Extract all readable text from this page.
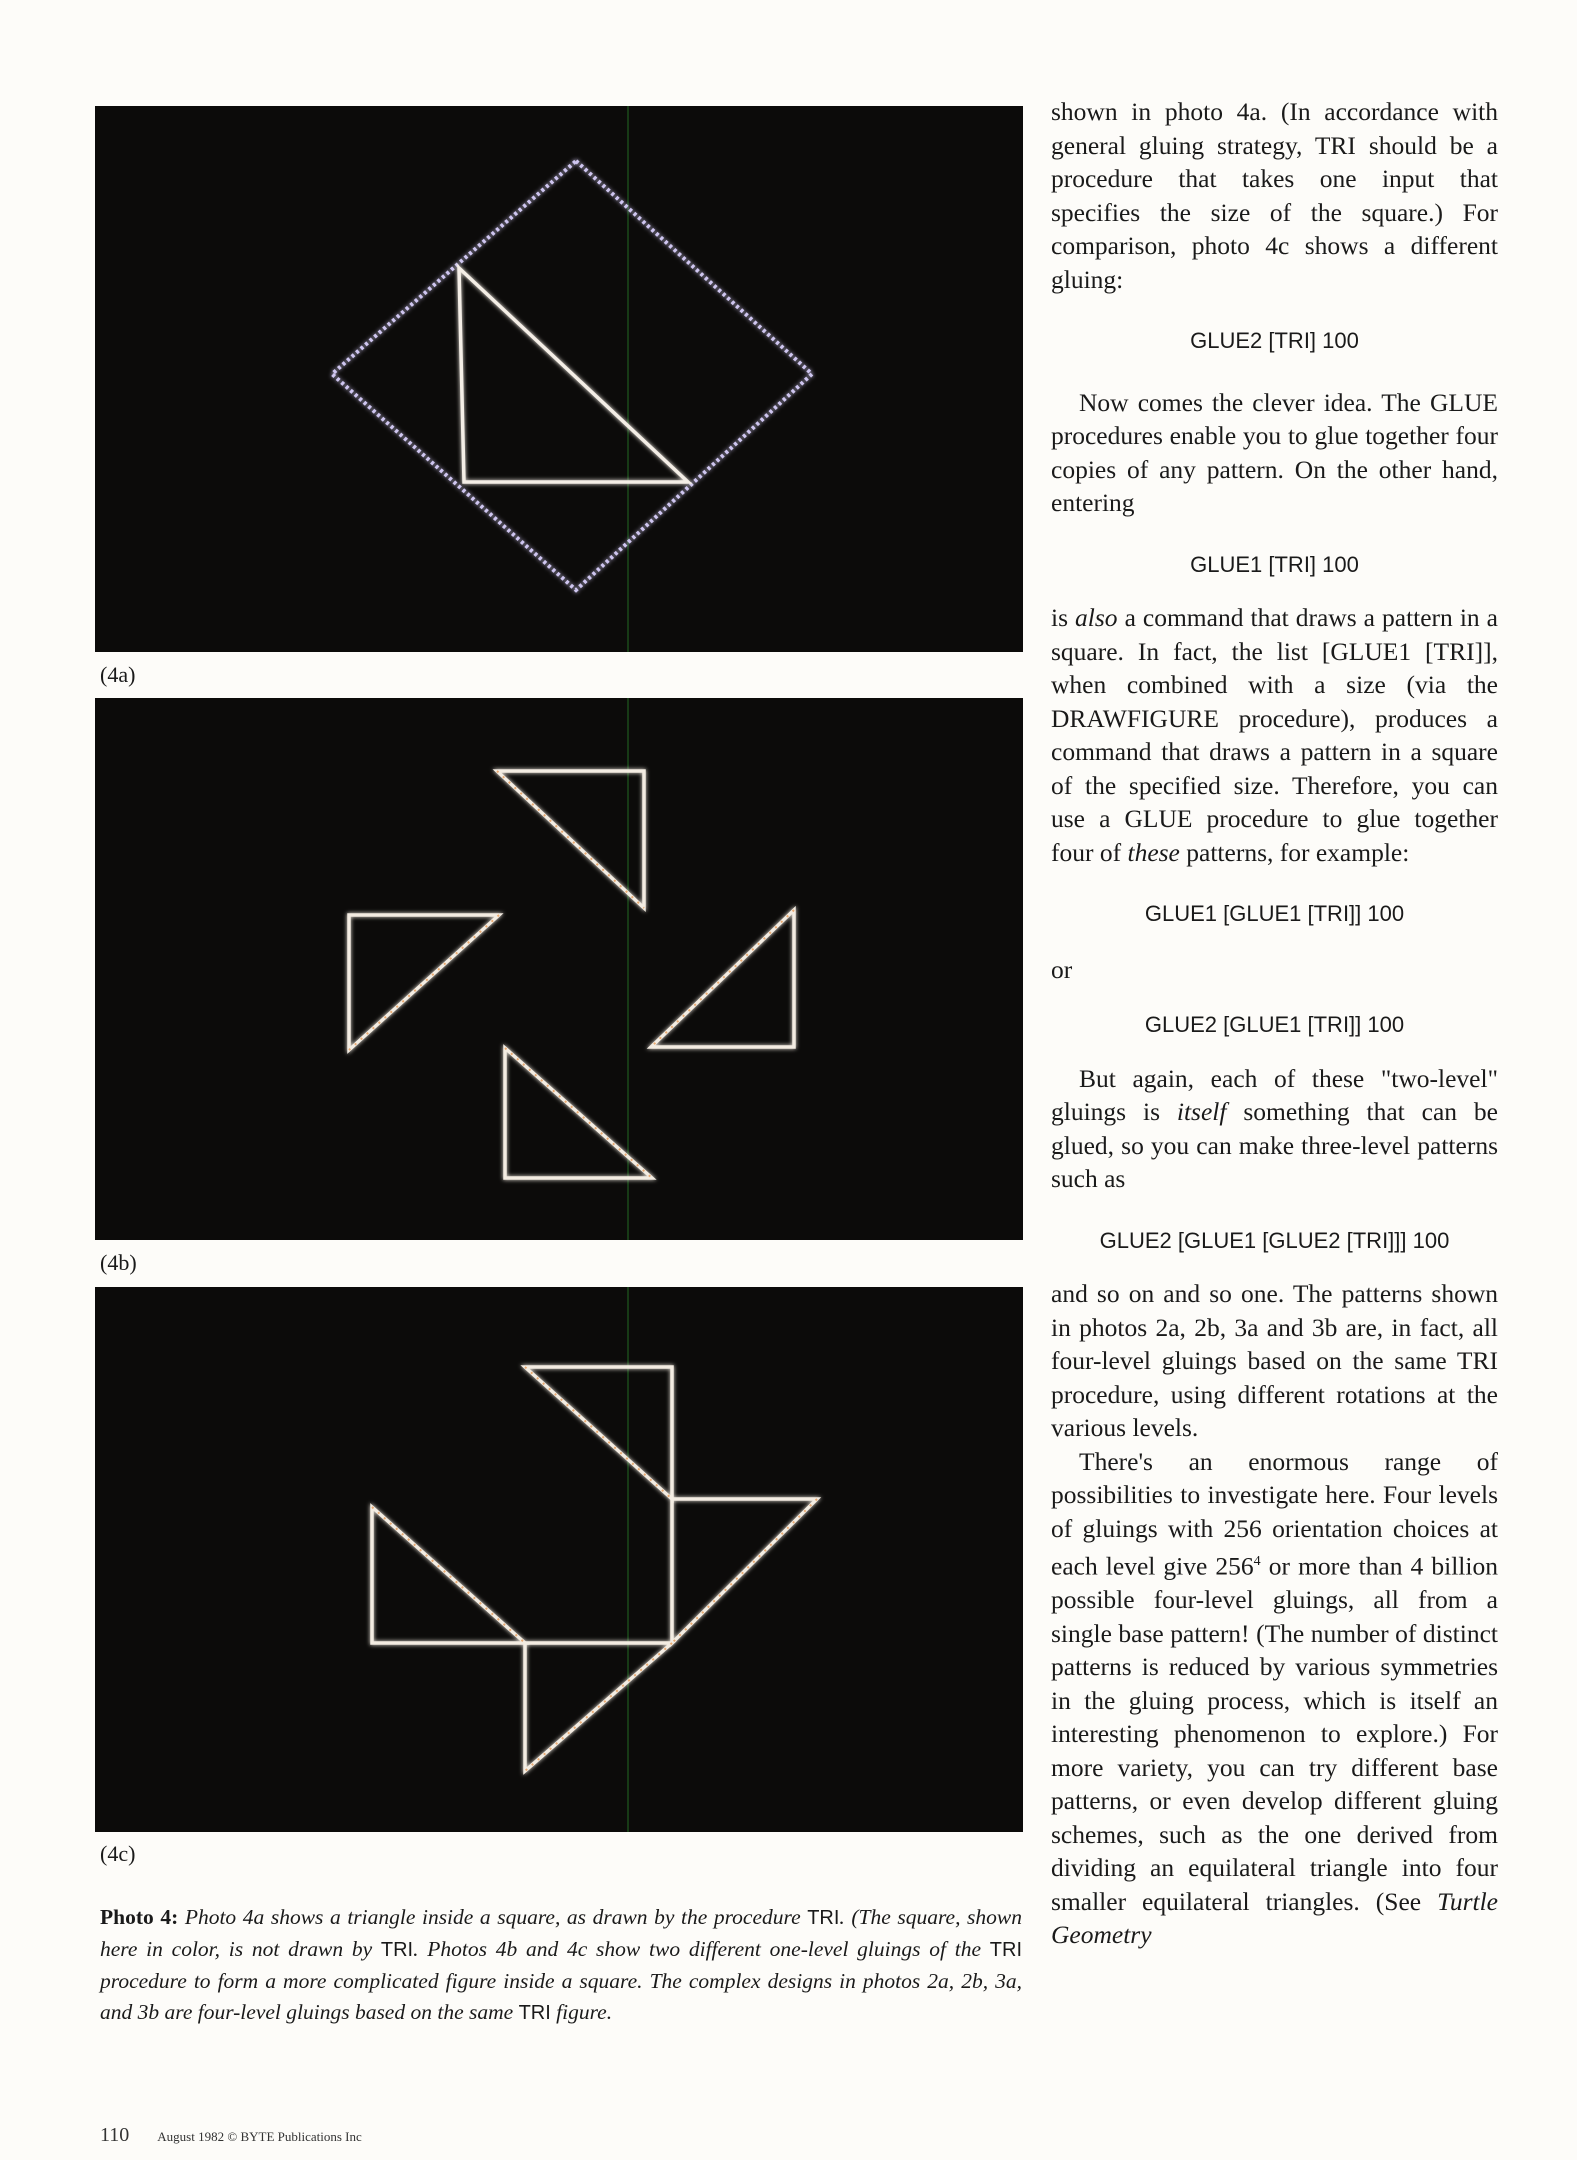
(4a)
(4b)
(4c)
Photo 4: Photo 4a shows a triangle inside a square, as drawn by the procedure TRI. (The square, shown here in color, is not drawn by TRI. Photos 4b and 4c show two different one-level gluings of the TRI procedure to form a more complicated figure inside a square. The complex designs in photos 2a, 2b, 3a, and 3b are four-level gluings based on the same TRI figure.
110 August 1982 © BYTE Publications Inc

shown in photo 4a. (In accordance with general gluing strategy, TRI should be a procedure that takes one input that specifies the size of the square.) For comparison, photo 4c shows a different gluing:

GLUE2 [TRI] 100

Now comes the clever idea. The GLUE procedures enable you to glue together four copies of any pattern. On the other hand, entering

GLUE1 [TRI] 100

is also a command that draws a pattern in a square. In fact, the list [GLUE1 [TRI]], when combined with a size (via the DRAWFIGURE procedure), produces a command that draws a pattern in a square of the specified size. Therefore, you can use a GLUE procedure to glue together four of these patterns, for example:

GLUE1 [GLUE1 [TRI]] 100

or

GLUE2 [GLUE1 [TRI]] 100

But again, each of these "two-level" gluings is itself something that can be glued, so you can make three-level patterns such as

GLUE2 [GLUE1 [GLUE2 [TRI]]] 100

and so on and so one. The patterns shown in photos 2a, 2b, 3a and 3b are, in fact, all four-level gluings based on the same TRI procedure, using different rotations at the various levels.

There's an enormous range of possibilities to investigate here. Four levels of gluings with 256 orientation choices at each level give $256^4$ or more than 4 billion possible four-level gluings, all from a single base pattern! (The number of distinct patterns is reduced by various symmetries in the gluing process, which is itself an interesting phenomenon to explore.) For more variety, you can try different base patterns, or even develop different gluing schemes, such as the one derived from dividing an equilateral triangle into four smaller equilateral triangles. (See Turtle Geometry
